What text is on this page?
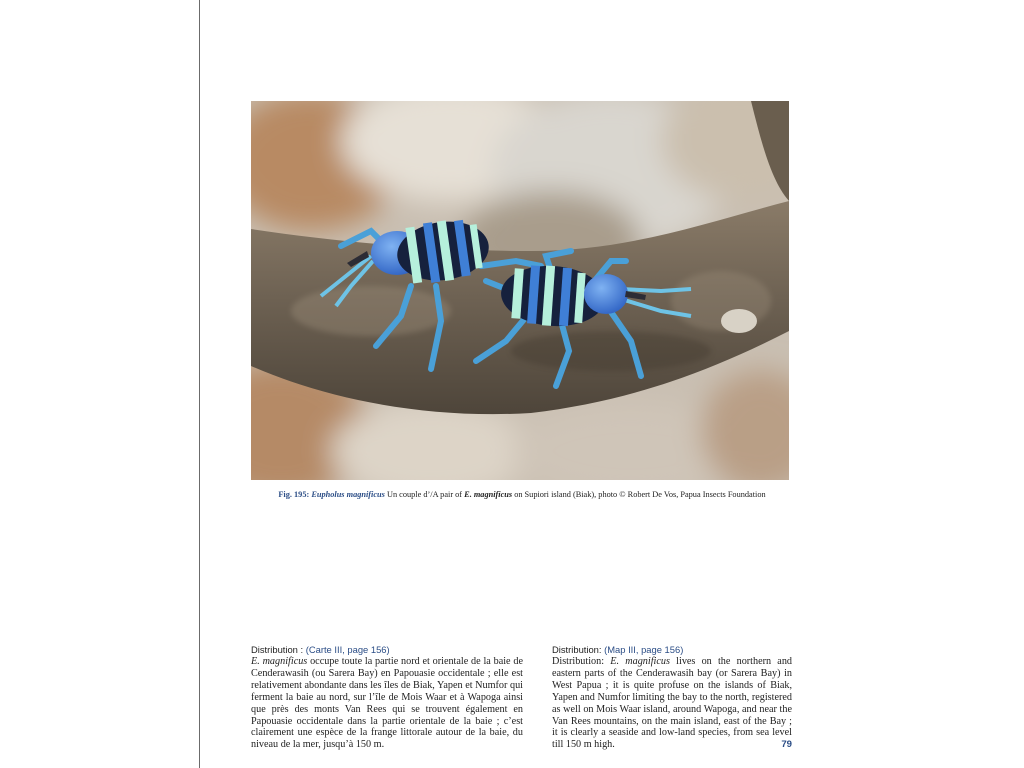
Fig. 195: Eupholus magnificus Un couple d’/A pair of E. magnificus on Supiori island (Biak), photo © Robert De Vos, Papua Insects Foundation
Distribution : (Carte III, page 156)
E. magnificus occupe toute la partie nord et orientale de la baie de Cenderawasih (ou Sarera Bay) en Papouasie occidentale ; elle est relativement abondante dans les îles de Biak, Yapen et Numfor qui ferment la baie au nord, sur l’île de Mois Waar et à Wapoga ainsi que près des monts Van Rees qui se trouvent également en Papouasie occidentale dans la partie orientale de la baie ; c’est clairement une espèce de la frange littorale autour de la baie, du niveau de la mer, jusqu’à 150 m.
Distribution: (Map III, page 156)
Distribution: E. magnificus lives on the northern and eastern parts of the Cenderawasih bay (or Sarera Bay) in West Papua ; it is quite profuse on the islands of Biak, Yapen and Numfor limiting the bay to the north, registered as well on Mois Waar island, around Wapoga, and near the Van Rees mountains, on the main island, east of the Bay ; it is clearly a seaside and low-land species, from sea level till 150 m high.	79
